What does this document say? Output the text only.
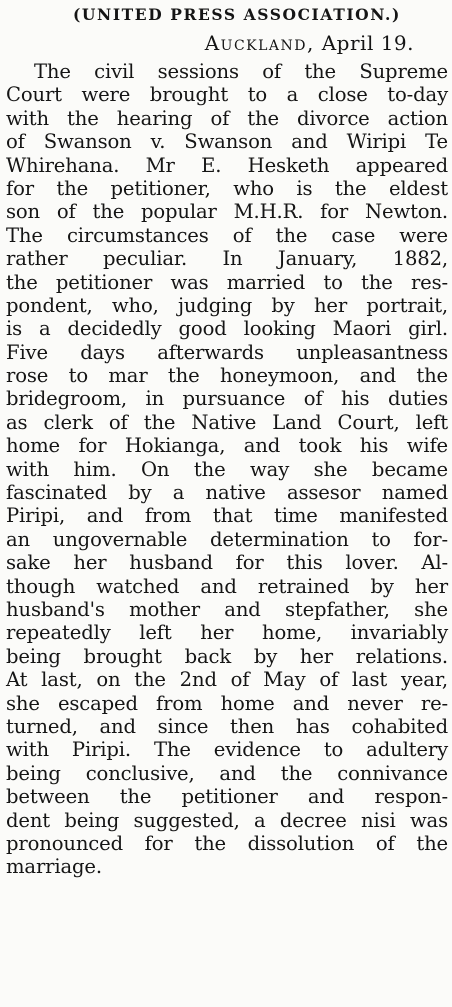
(UNITED PRESS ASSOCIATION.)
Auckland, April 19.
The civil sessions of the Supreme
Court were brought to a close to-day
with the hearing of the divorce action
of Swanson v. Swanson and Wiripi Te
Whirehana. Mr E. Hesketh appeared
for the petitioner, who is the eldest
son of the popular M.H.R. for Newton.
The circumstances of the case were
rather peculiar. In January, 1882,
the petitioner was married to the res-
pondent, who, judging by her portrait,
is a decidedly good looking Maori girl.
Five days afterwards unpleasantness
rose to mar the honeymoon, and the
bridegroom, in pursuance of his duties
as clerk of the Native Land Court, left
home for Hokianga, and took his wife
with him. On the way she became
fascinated by a native assesor named
Piripi, and from that time manifested
an ungovernable determination to for-
sake her husband for this lover. Al-
though watched and retrained by her
husband's mother and stepfather, she
repeatedly left her home, invariably
being brought back by her relations.
At last, on the 2nd of May of last year,
she escaped from home and never re-
turned, and since then has cohabited
with Piripi. The evidence to adultery
being conclusive, and the connivance
between the petitioner and respon-
dent being suggested, a decree nisi was
pronounced for the dissolution of the
marriage.
